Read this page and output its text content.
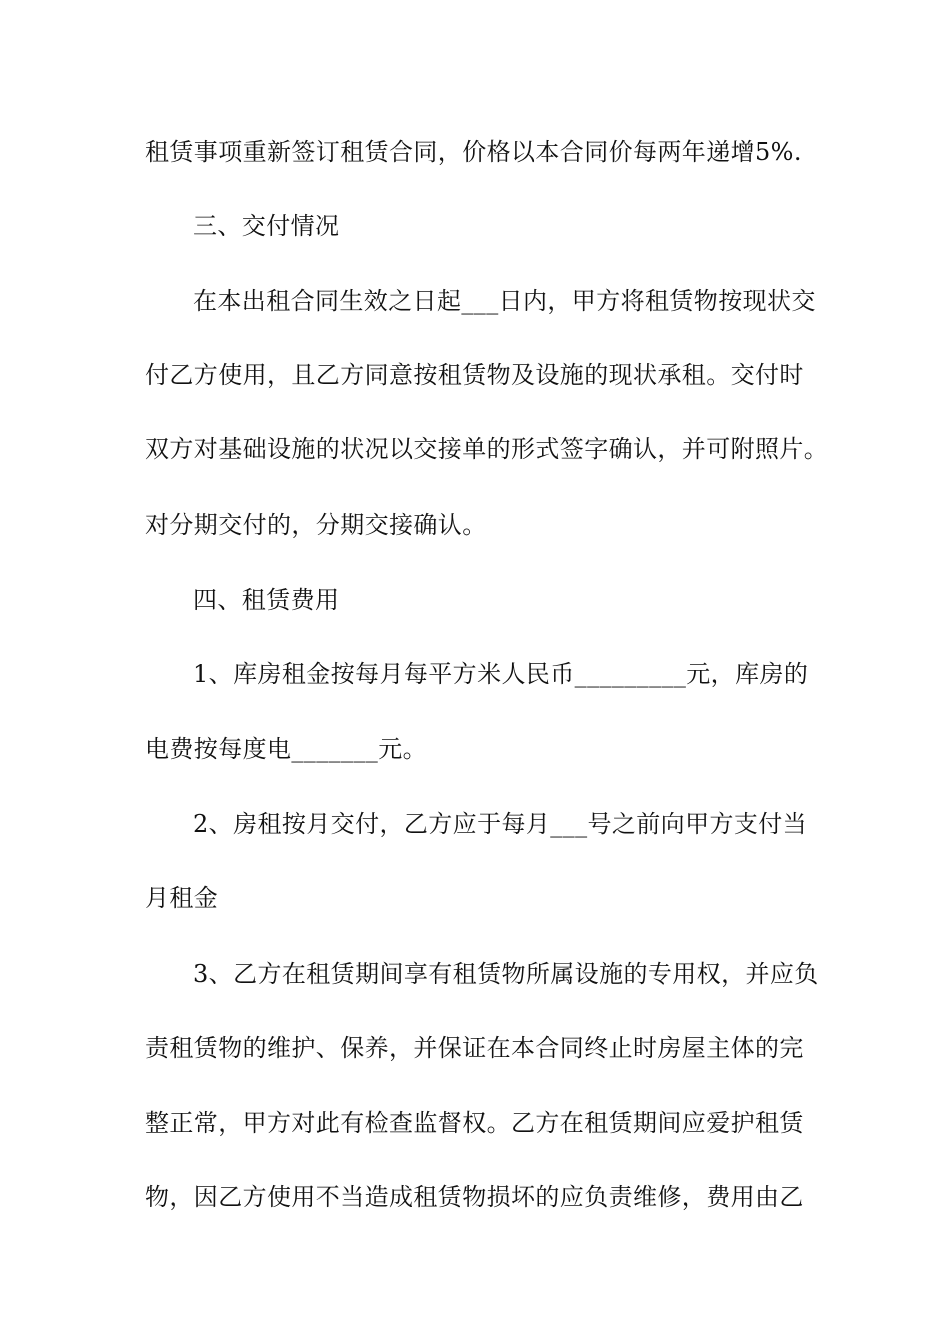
租赁事项重新签订租赁合同，价格以本合同价每两年递增5%.
三、交付情况
在本出租合同生效之日起___日内，甲方将租赁物按现状交
付乙方使用，且乙方同意按租赁物及设施的现状承租。交付时
双方对基础设施的状况以交接单的形式签字确认，并可附照片。
对分期交付的，分期交接确认。
四、租赁费用
1、库房租金按每月每平方米人民币_________元，库房的
电费按每度电_______元。
2、房租按月交付，乙方应于每月___号之前向甲方支付当
月租金
3、乙方在租赁期间享有租赁物所属设施的专用权，并应负
责租赁物的维护、保养，并保证在本合同终止时房屋主体的完
整正常，甲方对此有检查监督权。乙方在租赁期间应爱护租赁
物，因乙方使用不当造成租赁物损坏的应负责维修，费用由乙
